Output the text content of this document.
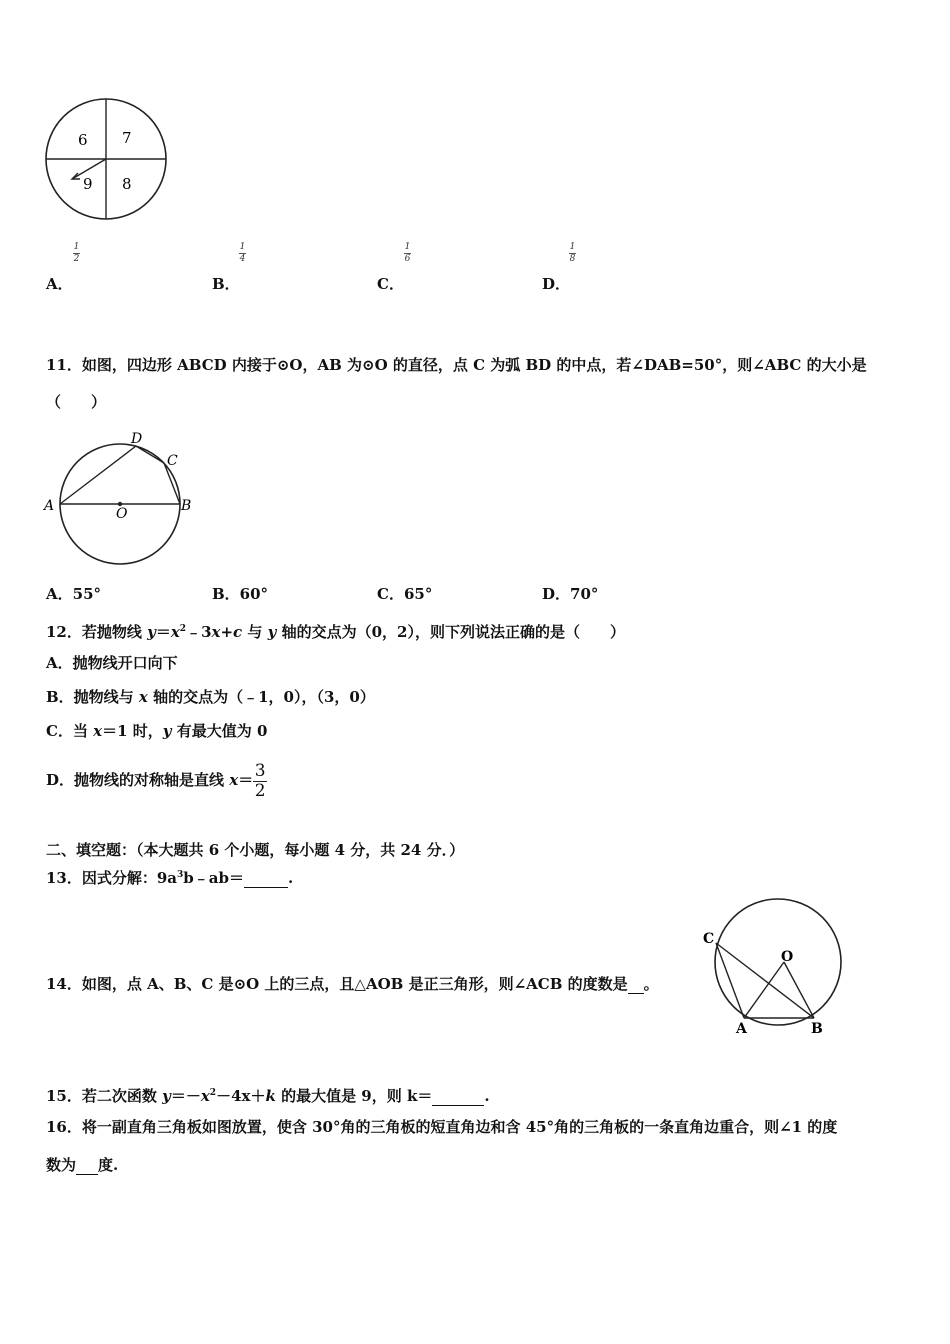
6 7
9 8
1
2
A．
1
4
B．
1
6
C．
1
8
D．
11．如图，四边形 ABCD 内接于⊙O，AB 为⊙O 的直径，点 C 为弧 BD 的中点，若∠DAB=50°，则∠ABC 的大小是
（　　）
A	B
C
D
O
A．55°	B．60°	C．65°	D．70°
12．若抛物线 $y=x^2﹣3x+c$ 与 y 轴的交点为（0，2），则下列说法正确的是（　　）
A．抛物线开口向下
B．抛物线与 x 轴的交点为（﹣1，0），（3，0）
C．当 x＝1 时，y 有最大值为 0
D．抛物线的对称轴是直线 $x= \frac{3}{2}$
二、填空题：（本大题共 6 个小题，每小题 4 分，共 24 分．）
13．因式分解：$9a^3b﹣ab=$	.
14．如图，点 A、B、C 是⊙O 上的三点，且△AOB 是正三角形，则∠ACB 的度数是 。
C
O
A	B
15．若二次函数 $y=-x^2-4x+k$ 的最大值是 9，则 k＝	.
16．将一副直角三角板如图放置，使含 30°角的三角板的短直角边和含 45°角的三角板的一条直角边重合，则∠1 的度
数为 度.
